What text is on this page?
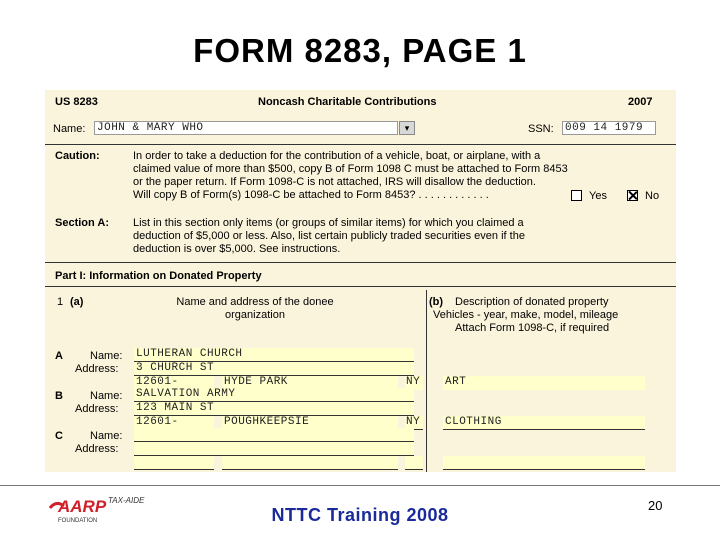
FORM 8283, PAGE 1
US 8283	Noncash Charitable Contributions	2007
Name: JOHN & MARY WHO	▾	SSN: 009 14 1979
Caution:	In order to take a deduction for the contribution of a vehicle, boat, or airplane, with a
claimed value of more than $500, copy B of Form 1098 C must be attached to Form 8453
or the paper return. If Form 1098-C is not attached, IRS will disallow the deduction.
Will copy B of Form(s) 1098-C be attached to Form 8453? . . . . . . . . . . . .	Yes	No
Section A: List in this section only items (or groups of similar items) for which you claimed a
deduction of $5,000 or less. Also, list certain publicly traded securities even if the
deduction is over $5,000. See instructions.
Part I: Information on Donated Property
1 (a)	Name and address of the donee
organization
(b) Description of donated property
Vehicles - year, make, model, mileage
Attach Form 1098-C, if required
A Name: LUTHERAN CHURCH
Address: 3 CHURCH ST
12601-	HYDE PARK	NY ART
B Name: SALVATION ARMY
Address: 123 MAIN ST
12601-	POUGHKEEPSIE	NY CLOTHING
C Name:
Address:
AARP TAX-AIDE
FOUNDATION	NTTC Training 2008	20
